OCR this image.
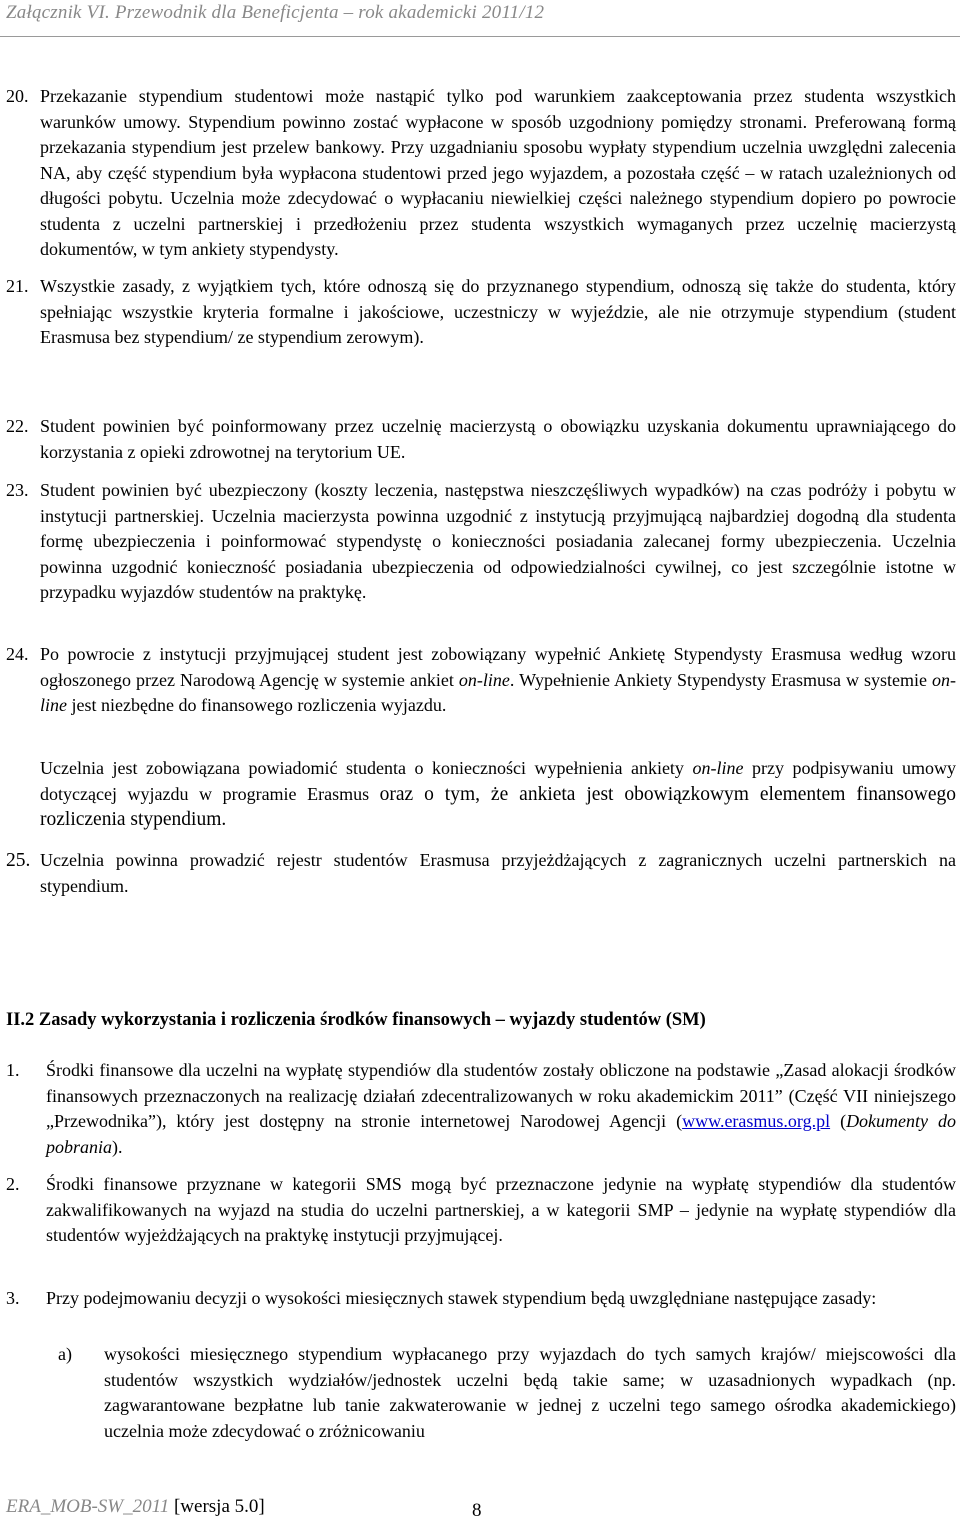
Załącznik VI. Przewodnik dla Beneficjenta – rok akademicki 2011/12
20. Przekazanie stypendium studentowi może nastąpić tylko pod warunkiem zaakceptowania przez studenta wszystkich warunków umowy. Stypendium powinno zostać wypłacone w sposób uzgodniony pomiędzy stronami. Preferowaną formą przekazania stypendium jest przelew bankowy. Przy uzgadnianiu sposobu wypłaty stypendium uczelnia uwzględni zalecenia NA, aby część stypendium była wypłacona studentowi przed jego wyjazdem, a pozostała część – w ratach uzależnionych od długości pobytu. Uczelnia może zdecydować o wypłacaniu niewielkiej części należnego stypendium dopiero po powrocie studenta z uczelni partnerskiej i przedłożeniu przez studenta wszystkich wymaganych przez uczelnię macierzystą dokumentów, w tym ankiety stypendysty.
21. Wszystkie zasady, z wyjątkiem tych, które odnoszą się do przyznanego stypendium, odnoszą się także do studenta, który spełniając wszystkie kryteria formalne i jakościowe, uczestniczy w wyjeździe, ale nie otrzymuje stypendium (student Erasmusa bez stypendium/ ze stypendium zerowym).
22. Student powinien być poinformowany przez uczelnię macierzystą o obowiązku uzyskania dokumentu uprawniającego do korzystania z opieki zdrowotnej na terytorium UE.
23. Student powinien być ubezpieczony (koszty leczenia, następstwa nieszczęśliwych wypadków) na czas podróży i pobytu w instytucji partnerskiej. Uczelnia macierzysta powinna uzgodnić z instytucją przyjmującą najbardziej dogodną dla studenta formę ubezpieczenia i poinformować stypendystę o konieczności posiadania zalecanej formy ubezpieczenia. Uczelnia powinna uzgodnić konieczność posiadania ubezpieczenia od odpowiedzialności cywilnej, co jest szczególnie istotne w przypadku wyjazdów studentów na praktykę.
24. Po powrocie z instytucji przyjmującej student jest zobowiązany wypełnić Ankietę Stypendysty Erasmusa według wzoru ogłoszonego przez Narodową Agencję w systemie ankiet on-line. Wypełnienie Ankiety Stypendysty Erasmusa w systemie on-line jest niezbędne do finansowego rozliczenia wyjazdu.
Uczelnia jest zobowiązana powiadomić studenta o konieczności wypełnienia ankiety on-line przy podpisywaniu umowy dotyczącej wyjazdu w programie Erasmus oraz o tym, że ankieta jest obowiązkowym elementem finansowego rozliczenia stypendium.
25. Uczelnia powinna prowadzić rejestr studentów Erasmusa przyjeżdżających z zagranicznych uczelni partnerskich na stypendium.
II.2 Zasady wykorzystania i rozliczenia środków finansowych – wyjazdy studentów (SM)
1. Środki finansowe dla uczelni na wypłatę stypendiów dla studentów zostały obliczone na podstawie „Zasad alokacji środków finansowych przeznaczonych na realizację działań zdecentralizowanych w roku akademickim 2011” (Część VII niniejszego „Przewodnika”), który jest dostępny na stronie internetowej Narodowej Agencji (www.erasmus.org.pl (Dokumenty do pobrania).
2. Środki finansowe przyznane w kategorii SMS mogą być przeznaczone jedynie na wypłatę stypendiów dla studentów zakwalifikowanych na wyjazd na studia do uczelni partnerskiej, a w kategorii SMP – jedynie na wypłatę stypendiów dla studentów wyjeżdżających na praktykę instytucji przyjmującej.
3. Przy podejmowaniu decyzji o wysokości miesięcznych stawek stypendium będą uwzględniane następujące zasady:
a) wysokości miesięcznego stypendium wypłacanego przy wyjazdach do tych samych krajów/ miejscowości dla studentów wszystkich wydziałów/jednostek uczelni będą takie same; w uzasadnionych wypadkach (np. zagwarantowane bezpłatne lub tanie zakwaterowanie w jednej z uczelni tego samego ośrodka akademickiego) uczelnia może zdecydować o zróżnicowaniu
ERA_MOB-SW_2011 [wersja 5.0]	8
